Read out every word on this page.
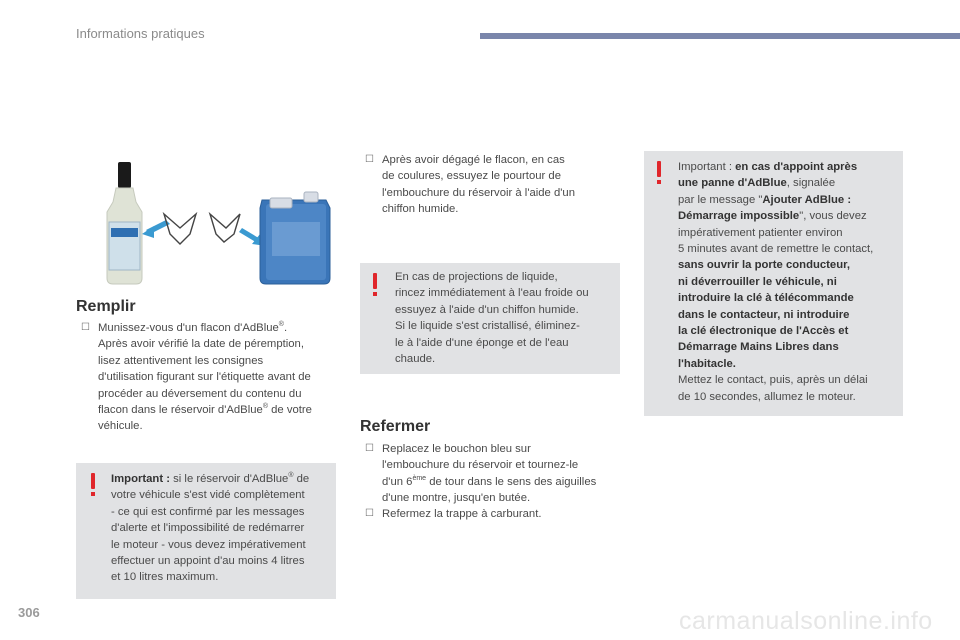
Informations pratiques
Remplir
☐ Munissez-vous d'un flacon d'AdBlue®.
Après avoir vérifié la date de péremption,
lisez attentivement les consignes
d'utilisation figurant sur l'étiquette avant de
procéder au déversement du contenu du
flacon dans le réservoir d'AdBlue® de votre
véhicule.
Important : si le réservoir d'AdBlue® de
votre véhicule s'est vidé complètement
- ce qui est confirmé par les messages
d'alerte et l'impossibilité de redémarrer
le moteur - vous devez impérativement
effectuer un appoint d'au moins 4 litres
et 10 litres maximum.
☐ Après avoir dégagé le flacon, en cas
de coulures, essuyez le pourtour de
l'embouchure du réservoir à l'aide d'un
chiffon humide.
En cas de projections de liquide,
rincez immédiatement à l'eau froide ou
essuyez à l'aide d'un chiffon humide.
Si le liquide s'est cristallisé, éliminez-
le à l'aide d'une éponge et de l'eau
chaude.
Refermer
☐ Replacez le bouchon bleu sur
l'embouchure du réservoir et tournez-le
d'un 6ème de tour dans le sens des aiguilles
d'une montre, jusqu'en butée.
☐ Refermez la trappe à carburant.
Important : en cas d'appoint après
une panne d'AdBlue, signalée
par le message "Ajouter AdBlue :
Démarrage impossible", vous devez
impérativement patienter environ
5 minutes avant de remettre le contact,
sans ouvrir la porte conducteur,
ni déverrouiller le véhicule, ni
introduire la clé à télécommande
dans le contacteur, ni introduire
la clé électronique de l'Accès et
Démarrage Mains Libres dans
l'habitacle.
Mettez le contact, puis, après un délai
de 10 secondes, allumez le moteur.
306	carmanualsonline.info
